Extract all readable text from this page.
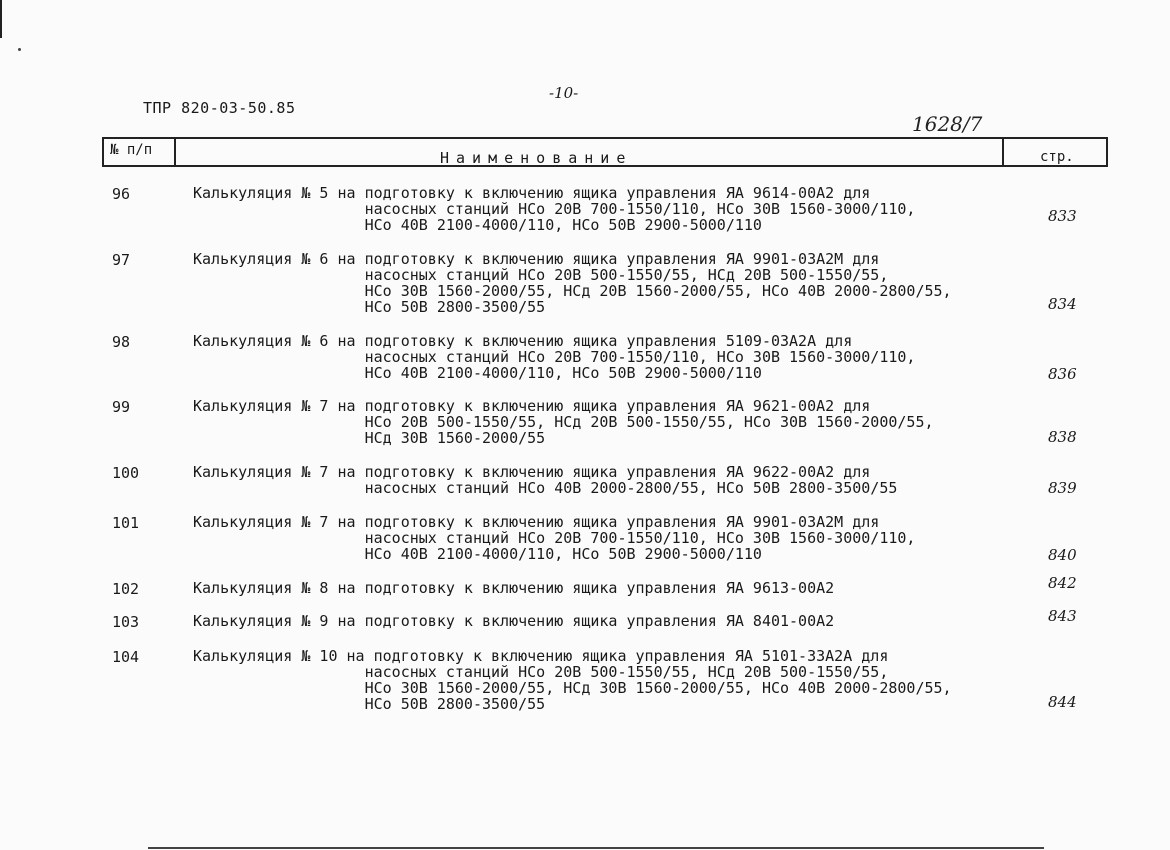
ТПР 820-03-50.85
-10-
1628/7
№ п/п	Наименование	стр.
96	Калькуляция № 5 на подготовку к включению ящика управления ЯА 9614-00А2 для
насосных станций НСо 20В 700-1550/110, НСо 30В 1560-3000/110,
НСо 40В 2100-4000/110, НСо 50В 2900-5000/110	833
97	Калькуляция № 6 на подготовку к включению ящика управления ЯА 9901-03А2М для
насосных станций НСо 20В 500-1550/55, НСд 20В 500-1550/55,
НСо 30В 1560-2000/55, НСд 20В 1560-2000/55, НСо 40В 2000-2800/55,
НСо 50В 2800-3500/55	834
98	Калькуляция № 6 на подготовку к включению ящика управления 5109-03А2А для
насосных станций НСо 20В 700-1550/110, НСо 30В 1560-3000/110,
НСо 40В 2100-4000/110, НСо 50В 2900-5000/110	836
99	Калькуляция № 7 на подготовку к включению ящика управления ЯА 9621-00А2 для
НСо 20В 500-1550/55, НСд 20В 500-1550/55, НСо 30В 1560-2000/55,
НСд 30В 1560-2000/55	838
100	Калькуляция № 7 на подготовку к включению ящика управления ЯА 9622-00А2 для
насосных станций НСо 40В 2000-2800/55, НСо 50В 2800-3500/55	839
101	Калькуляция № 7 на подготовку к включению ящика управления ЯА 9901-03А2М для
насосных станций НСо 20В 700-1550/110, НСо 30В 1560-3000/110,
НСо 40В 2100-4000/110, НСо 50В 2900-5000/110	840
102	Калькуляция № 8 на подготовку к включению ящика управления ЯА 9613-00А2	842
103	Калькуляция № 9 на подготовку к включению ящика управления ЯА 8401-00А2	843
104	Калькуляция № 10 на подготовку к включению ящика управления ЯА 5101-33А2А для
насосных станций НСо 20В 500-1550/55, НСд 20В 500-1550/55,
НСо 30В 1560-2000/55, НСд 30В 1560-2000/55, НСо 40В 2000-2800/55,
НСо 50В 2800-3500/55	844
